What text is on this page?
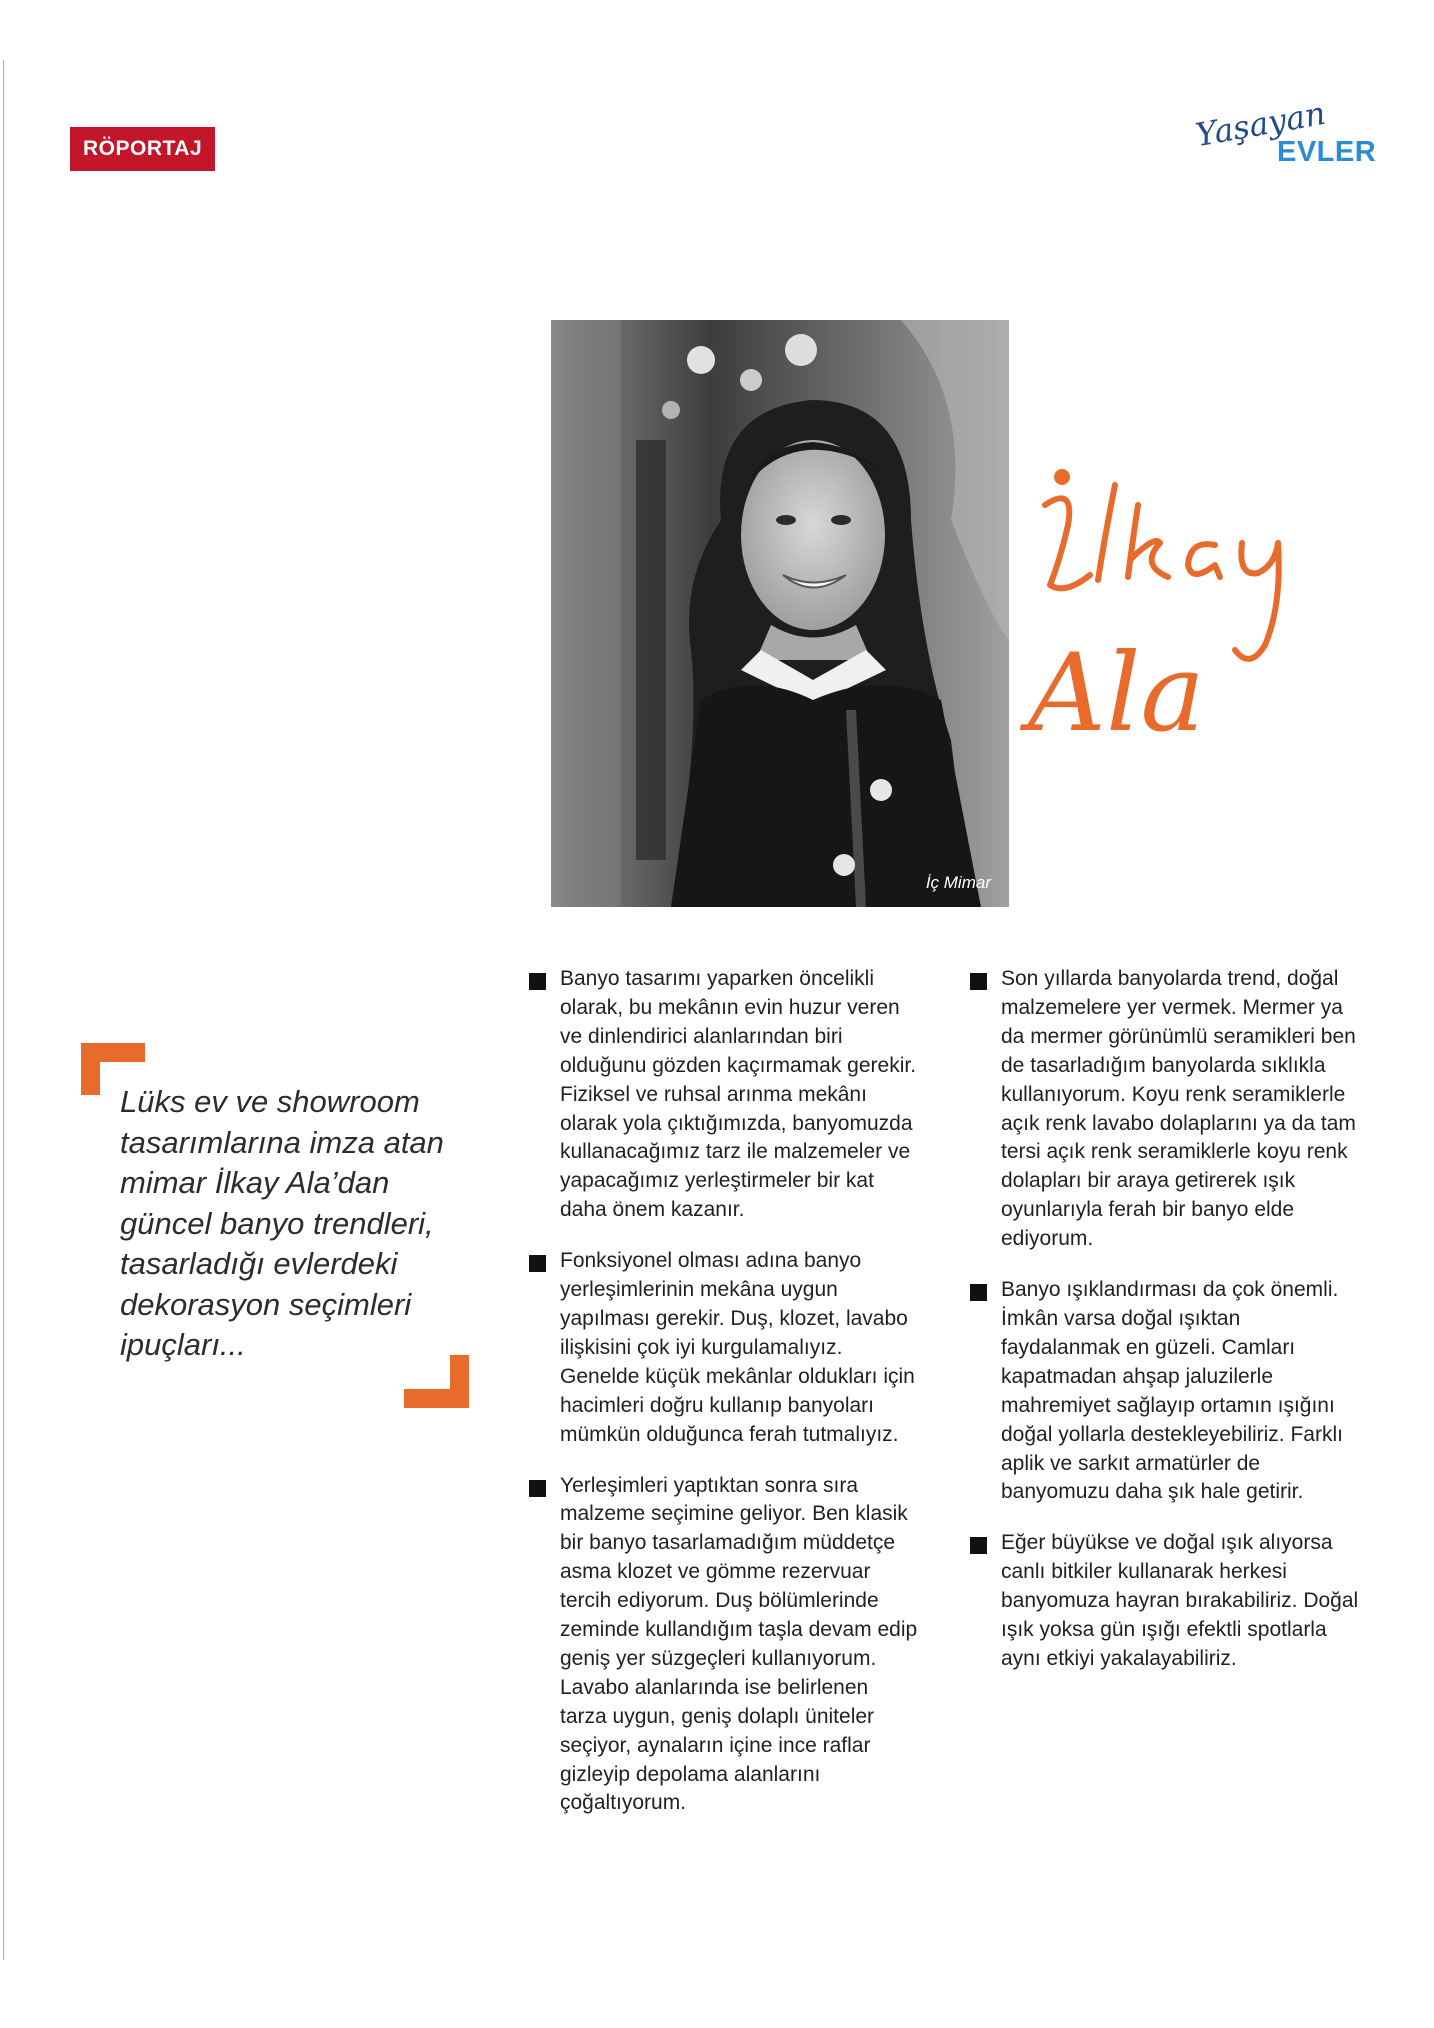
RÖPORTAJ	Yaşayan
EVLER
İç Mimar
Ala
Lüks ev ve showroom tasarımlarına imza atan mimar İlkay Ala’dan güncel banyo trendleri, tasarladığı evlerdeki dekorasyon seçimleri ipuçları...
Banyo tasarımı yaparken öncelikli olarak, bu mekânın evin huzur veren ve dinlendirici alanlarından biri olduğunu gözden kaçırmamak gerekir. Fiziksel ve ruhsal arınma mekânı olarak yola çıktığımızda, banyomuzda kullanacağımız tarz ile malzemeler ve yapacağımız yerleştirmeler bir kat daha önem kazanır.
Fonksiyonel olması adına banyo yerleşimlerinin mekâna uygun yapılması gerekir. Duş, klozet, lavabo ilişkisini çok iyi kurgulamalıyız. Genelde küçük mekânlar oldukları için hacimleri doğru kullanıp banyoları mümkün olduğunca ferah tutmalıyız.
Yerleşimleri yaptıktan sonra sıra malzeme seçimine geliyor. Ben klasik bir banyo tasarlamadığım müddetçe asma klozet ve gömme rezervuar tercih ediyorum. Duş bölümlerinde zeminde kullandığım taşla devam edip geniş yer süzgeçleri kullanıyorum. Lavabo alanlarında ise belirlenen tarza uygun, geniş dolaplı üniteler seçiyor, aynaların içine ince raflar gizleyip depolama alanlarını çoğaltıyorum.
Son yıllarda banyolarda trend, doğal malzemelere yer vermek. Mermer ya da mermer görünümlü seramikleri ben de tasarladığım banyolarda sıklıkla kullanıyorum. Koyu renk seramiklerle açık renk lavabo dolaplarını ya da tam tersi açık renk seramiklerle koyu renk dolapları bir araya getirerek ışık oyunlarıyla ferah bir banyo elde ediyorum.
Banyo ışıklandırması da çok önemli. İmkân varsa doğal ışıktan faydalanmak en güzeli. Camları kapatmadan ahşap jaluzilerle mahremiyet sağlayıp ortamın ışığını doğal yollarla destekleyebiliriz. Farklı aplik ve sarkıt armatürler de banyomuzu daha şık hale getirir.
Eğer büyükse ve doğal ışık alıyorsa canlı bitkiler kullanarak herkesi banyomuza hayran bırakabiliriz. Doğal ışık yoksa gün ışığı efektli spotlarla aynı etkiyi yakalayabiliriz.
